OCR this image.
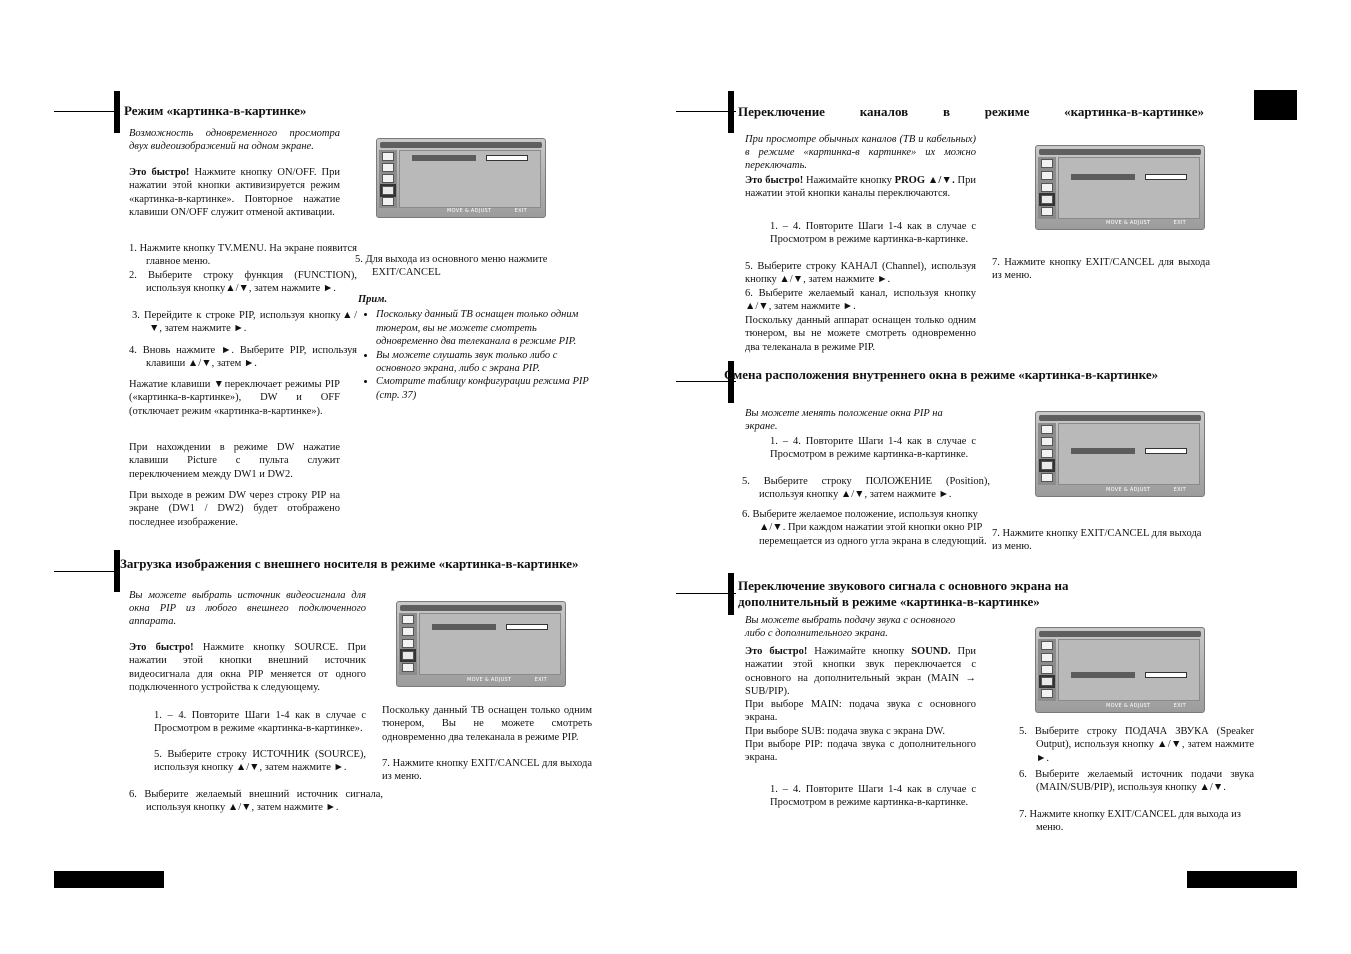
Режим «картинка-в-картинке»
Возможность одновременного просмотра двух видеоизображений на одном экране.
Это быстро! Нажмите кнопку ON/OFF. При нажатии этой кнопки активизируется режим «картинка-в-картинке». Повторное нажатие клавиши ON/OFF служит отменой активации.
1. Нажмите кнопку TV.MENU. На экране появится главное меню.
2. Выберите строку функция (FUNCTION), используя кнопку▲/▼, затем нажмите ►.
3. Перейдите к строке PIP, используя кнопку▲/▼, затем нажмите ►.
4. Вновь нажмите ►. Выберите PIP, используя клавиши ▲/▼, затем ►.
Нажатие клавиши ▼переключает режимы PIP («картинка-в-картинке»), DW и OFF (отключает режим «картинка-в-картинке»).
При нахождении в режиме DW нажатие клавиши Picture с пульта служит переключением между DW1 и DW2.
При выходе в режим DW через строку PIP на экране (DW1 / DW2) будет отображено последнее изображение.
MOVE & ADJUST	EXIT
5. Для выхода из основного меню нажмите EXIT/CANCEL
Прим.
• Поскольку данный ТВ оснащен только одним тюнером, вы не можете смотреть одновременно два телеканала в режиме PIP.
• Вы можете слушать звук только либо с основного экрана, либо с экрана PIP.
• Смотрите таблицу конфигурации режима PIP (стр. 37)
Загрузка изображения с внешнего носителя в режиме «картинка-в-картинке»
Вы можете выбрать источник видеосигнала для окна PIP из любого внешнего подключенного аппарата.
Это быстро! Нажмите кнопку SOURCE. При нажатии этой кнопки внешний источник видеосигнала для окна PIP меняется от одного подключенного устройства к следующему.
1. – 4. Повторите Шаги 1-4 как в случае с Просмотром в режиме «картинка-в-картинке».
5. Выберите строку ИСТОЧНИК (SOURCE), используя кнопку ▲/▼, затем нажмите ►.
6. Выберите желаемый внешний источник сигнала, используя кнопку ▲/▼, затем нажмите ►.
MOVE & ADJUST	EXIT
Поскольку данный ТВ оснащен только одним тюнером, Вы не можете смотреть одновременно два телеканала в режиме PIP.
7. Нажмите кнопку EXIT/CANCEL для выхода из меню.
Переключение каналов в режиме «картинка-в-картинке»
При просмотре обычных каналов (ТВ и кабельных) в режиме «картинка-в картинке» их можно переключать.
Это быстро! Нажимайте кнопку PROG ▲/▼. При нажатии этой кнопки каналы переключаются.
1. – 4. Повторите Шаги 1-4 как в случае с Просмотром в режиме картинка-в-картинке.
5. Выберите строку КАНАЛ (Channel), используя кнопку ▲/▼, затем нажмите ►.
6. Выберите желаемый канал, используя кнопку ▲/▼, затем нажмите ►.
Поскольку данный аппарат оснащен только одним тюнером, вы не можете смотреть одновременно два телеканала в режиме PIP.
MOVE & ADJUST	EXIT
7. Нажмите кнопку EXIT/CANCEL для выхода из меню.
Смена расположения внутреннего окна в режиме «картинка-в-картинке»
Вы можете менять положение окна PIP на экране.
1. – 4. Повторите Шаги 1-4 как в случае с Просмотром в режиме картинка-в-картинке.
5. Выберите строку ПОЛОЖЕНИЕ (Position), используя кнопку ▲/▼, затем нажмите ►.
6. Выберите желаемое положение, используя кнопку ▲/▼. При каждом нажатии этой кнопки окно PIP перемещается из одного угла экрана в следующий.
MOVE & ADJUST	EXIT
7. Нажмите кнопку EXIT/CANCEL для выхода из меню.
Переключение звукового сигнала с основного экрана на дополнительный в режиме «картинка-в-картинке»
Вы можете выбрать подачу звука с основного либо с дополнительного экрана.
Это быстро! Нажимайте кнопку SOUND. При нажатии этой кнопки звук переключается с основного на дополнительный экран (MAIN → SUB/PIP).
При выборе MAIN: подача звука с основного экрана.
При выборе SUB: подача звука с экрана DW.
При выборе PIP: подача звука с дополнительного экрана.
1. – 4. Повторите Шаги 1-4 как в случае с Просмотром в режиме картинка-в-картинке.
MOVE & ADJUST	EXIT
5. Выберите строку ПОДАЧА ЗВУКА (Speaker Output), используя кнопку ▲/▼, затем нажмите ►.
6. Выберите желаемый источник подачи звука (MAIN/SUB/PIP), используя кнопку ▲/▼.
7. Нажмите кнопку EXIT/CANCEL для выхода из меню.
